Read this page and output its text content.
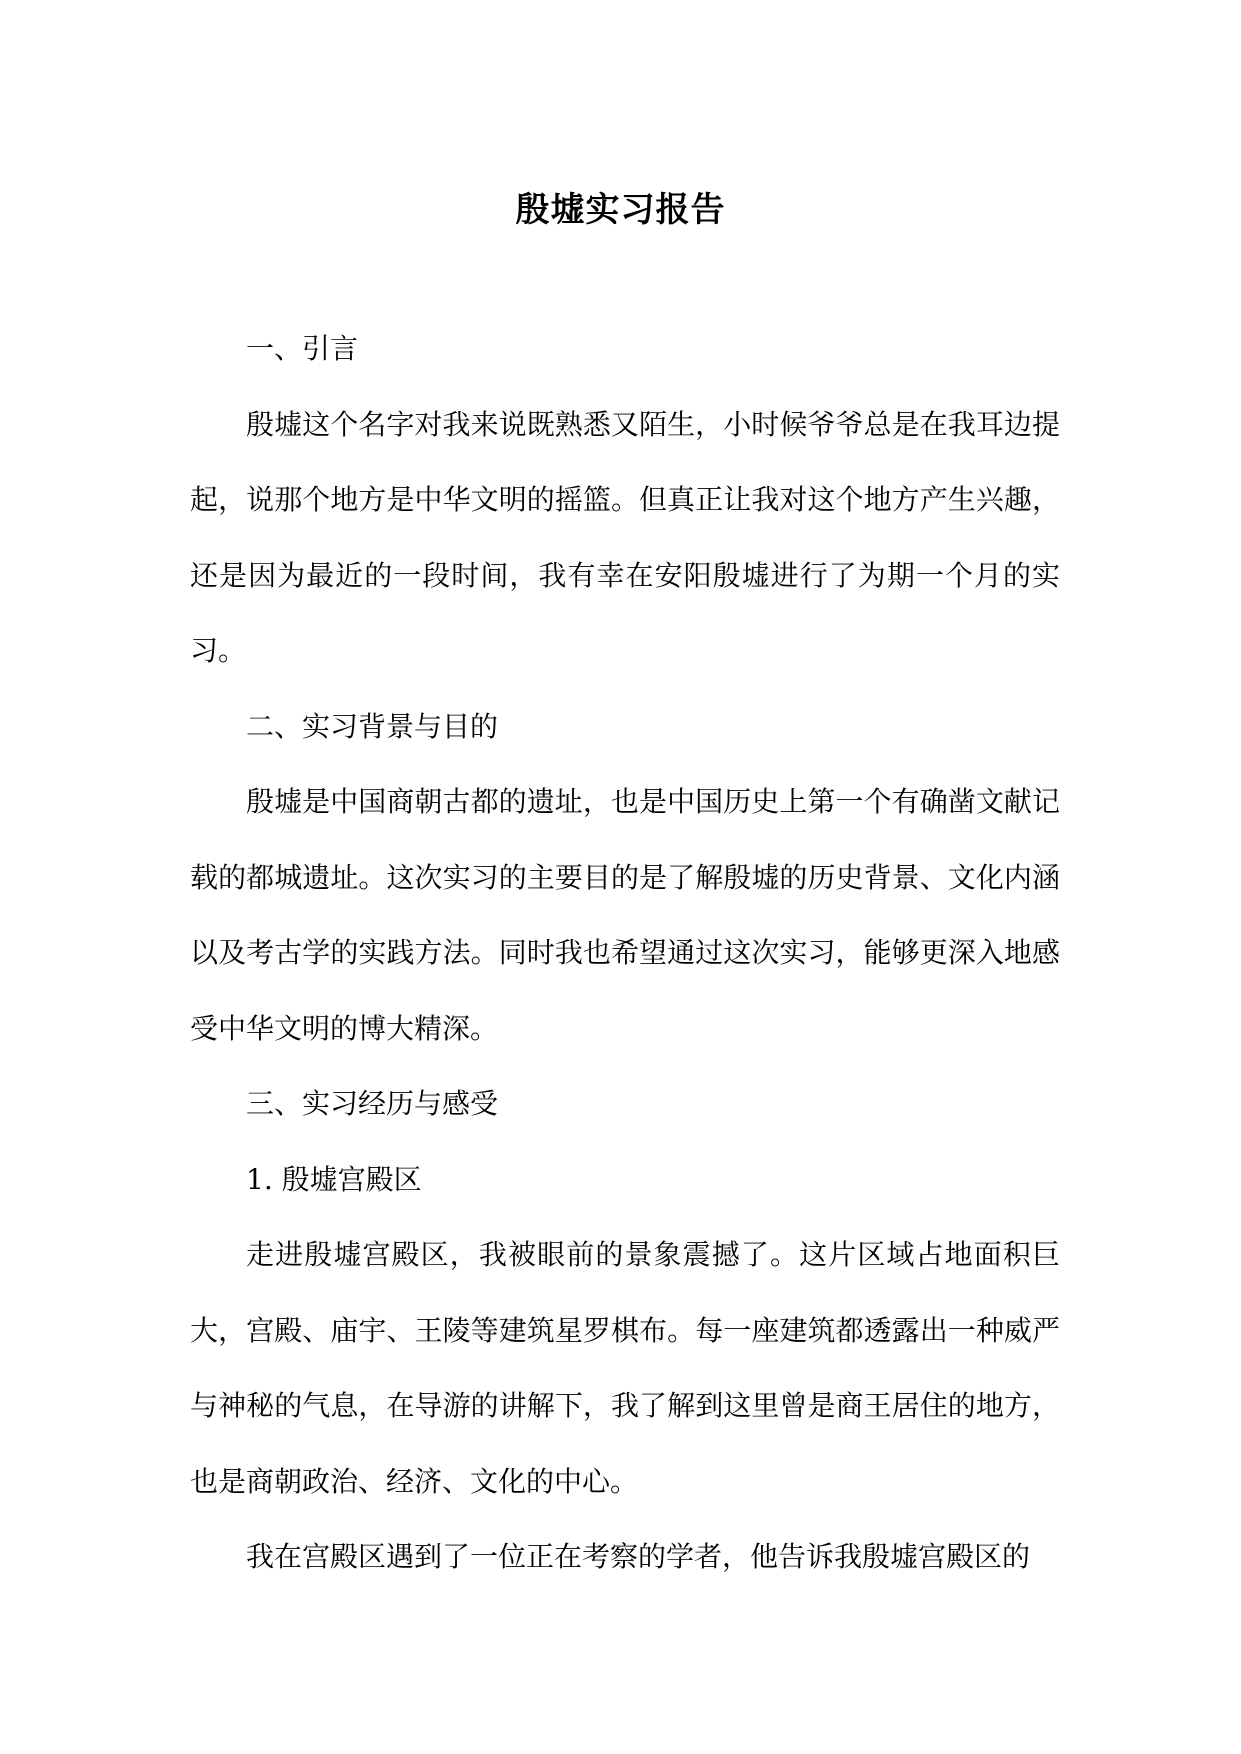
殷墟实习报告

一、引言

殷墟这个名字对我来说既熟悉又陌生，小时候爷爷总是在我耳边提起，说那个地方是中华文明的摇篮。但真正让我对这个地方产生兴趣，还是因为最近的一段时间，我有幸在安阳殷墟进行了为期一个月的实习。

二、实习背景与目的

殷墟是中国商朝古都的遗址，也是中国历史上第一个有确凿文献记载的都城遗址。这次实习的主要目的是了解殷墟的历史背景、文化内涵以及考古学的实践方法。同时我也希望通过这次实习，能够更深入地感受中华文明的博大精深。

三、实习经历与感受

1. 殷墟宫殿区

走进殷墟宫殿区，我被眼前的景象震撼了。这片区域占地面积巨大，宫殿、庙宇、王陵等建筑星罗棋布。每一座建筑都透露出一种威严与神秘的气息，在导游的讲解下，我了解到这里曾是商王居住的地方，也是商朝政治、经济、文化的中心。

我在宫殿区遇到了一位正在考察的学者，他告诉我殷墟宫殿区的
